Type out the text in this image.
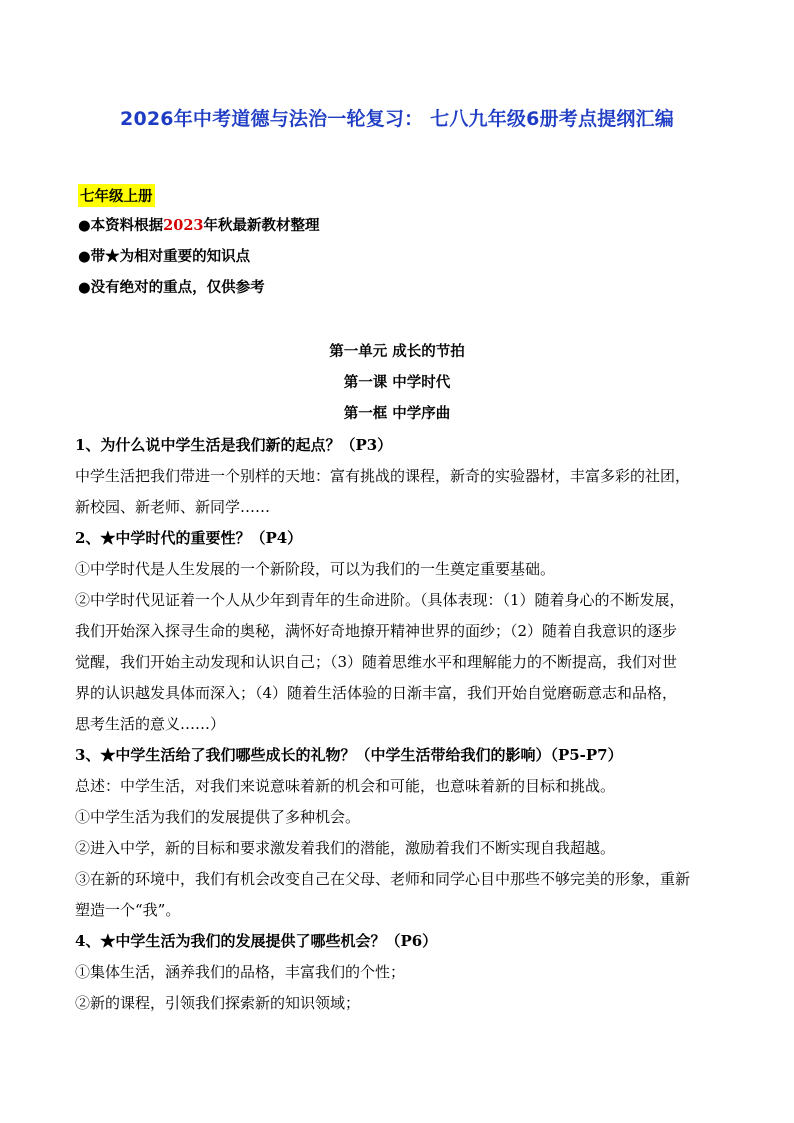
2026年中考道德与法治一轮复习： 七八九年级6册考点提纲汇编

七年级上册

●本资料根据2023年秋最新教材整理
●带★为相对重要的知识点
●没有绝对的重点，仅供参考
第一单元 成长的节拍
第一课 中学时代
第一框 中学序曲
1、为什么说中学生活是我们新的起点？（P3）
中学生活把我们带进一个别样的天地：富有挑战的课程，新奇的实验器材，丰富多彩的社团，
新校园、新老师、新同学……
2、★中学时代的重要性？（P4）
①中学时代是人生发展的一个新阶段，可以为我们的一生奠定重要基础。
②中学时代见证着一个人从少年到青年的生命进阶。（具体表现：（1）随着身心的不断发展，
我们开始深入探寻生命的奥秘，满怀好奇地撩开精神世界的面纱；（2）随着自我意识的逐步
觉醒，我们开始主动发现和认识自己；（3）随着思维水平和理解能力的不断提高，我们对世
界的认识越发具体而深入；（4）随着生活体验的日渐丰富，我们开始自觉磨砺意志和品格，
思考生活的意义……）
3、★中学生活给了我们哪些成长的礼物？（中学生活带给我们的影响）（P5-P7）
总述：中学生活，对我们来说意味着新的机会和可能，也意味着新的目标和挑战。
①中学生活为我们的发展提供了多种机会。
②进入中学，新的目标和要求激发着我们的潜能，激励着我们不断实现自我超越。
③在新的环境中，我们有机会改变自己在父母、老师和同学心目中那些不够完美的形象，重新
塑造一个“我”。
4、★中学生活为我们的发展提供了哪些机会？（P6）
①集体生活，涵养我们的品格，丰富我们的个性；
②新的课程，引领我们探索新的知识领域；
